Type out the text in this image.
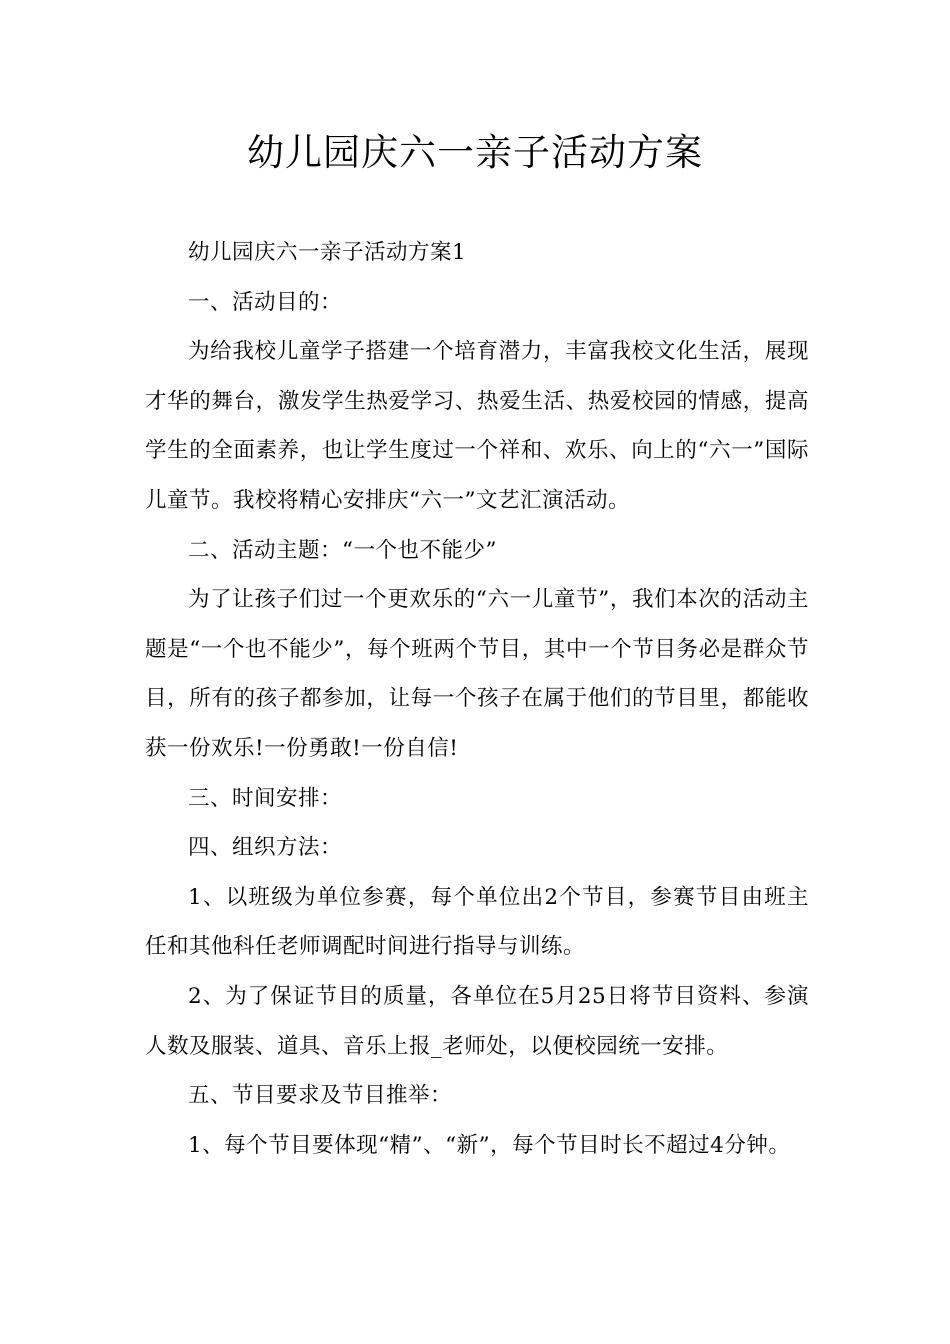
幼儿园庆六一亲子活动方案

幼儿园庆六一亲子活动方案1

一、活动目的：

为给我校儿童学子搭建一个培育潜力，丰富我校文化生活，展现才华的舞台，激发学生热爱学习、热爱生活、热爱校园的情感，提高学生的全面素养，也让学生度过一个祥和、欢乐、向上的“六一”国际儿童节。我校将精心安排庆“六一”文艺汇演活动。

二、活动主题：“一个也不能少”

为了让孩子们过一个更欢乐的“六一儿童节”，我们本次的活动主题是“一个也不能少”，每个班两个节目，其中一个节目务必是群众节目，所有的孩子都参加，让每一个孩子在属于他们的节目里，都能收获一份欢乐!一份勇敢!一份自信!

三、时间安排：

四、组织方法：

1、以班级为单位参赛，每个单位出2个节目，参赛节目由班主任和其他科任老师调配时间进行指导与训练。

2、为了保证节目的质量，各单位在5月25日将节目资料、参演人数及服装、道具、音乐上报_老师处，以便校园统一安排。

五、节目要求及节目推举：

1、每个节目要体现“精”、“新”，每个节目时长不超过4分钟。
